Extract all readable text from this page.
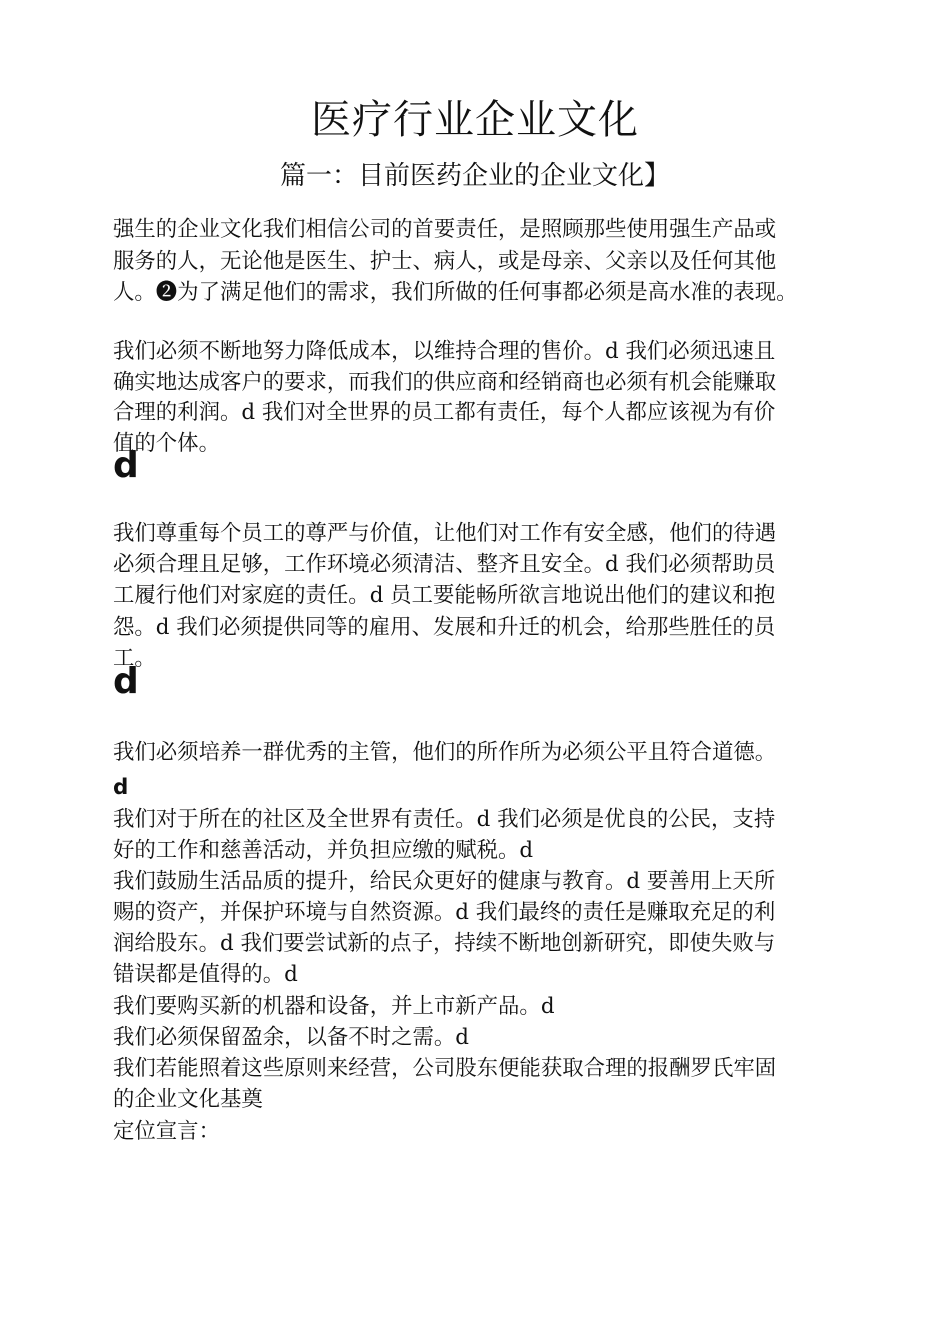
医疗行业企业文化
篇一：目前医药企业的企业文化】
强生的企业文化我们相信公司的首要责任，是照顾那些使用强生产品或
服务的人，无论他是医生、护士、病人，或是母亲、父亲以及任何其他
人。❷为了满足他们的需求，我们所做的任何事都必须是高水准的表现。
我们必须不断地努力降低成本，以维持合理的售价。d 我们必须迅速且
确实地达成客户的要求，而我们的供应商和经销商也必须有机会能赚取
合理的利润。d 我们对全世界的员工都有责任，每个人都应该视为有价
值的个体。
d
我们尊重每个员工的尊严与价值，让他们对工作有安全感，他们的待遇
必须合理且足够，工作环境必须清洁、整齐且安全。d 我们必须帮助员
工履行他们对家庭的责任。d 员工要能畅所欲言地说出他们的建议和抱
怨。d 我们必须提供同等的雇用、发展和升迁的机会，给那些胜任的员
工。
d
我们必须培养一群优秀的主管，他们的所作所为必须公平且符合道德。
d
我们对于所在的社区及全世界有责任。d 我们必须是优良的公民，支持
好的工作和慈善活动，并负担应缴的赋税。d
我们鼓励生活品质的提升，给民众更好的健康与教育。d 要善用上天所
赐的资产，并保护环境与自然资源。d 我们最终的责任是赚取充足的利
润给股东。d 我们要尝试新的点子，持续不断地创新研究，即使失败与
错误都是值得的。d
我们要购买新的机器和设备，并上市新产品。d
我们必须保留盈余，以备不时之需。d
我们若能照着这些原则来经营，公司股东便能获取合理的报酬罗氏牢固
的企业文化基奠
定位宣言：
